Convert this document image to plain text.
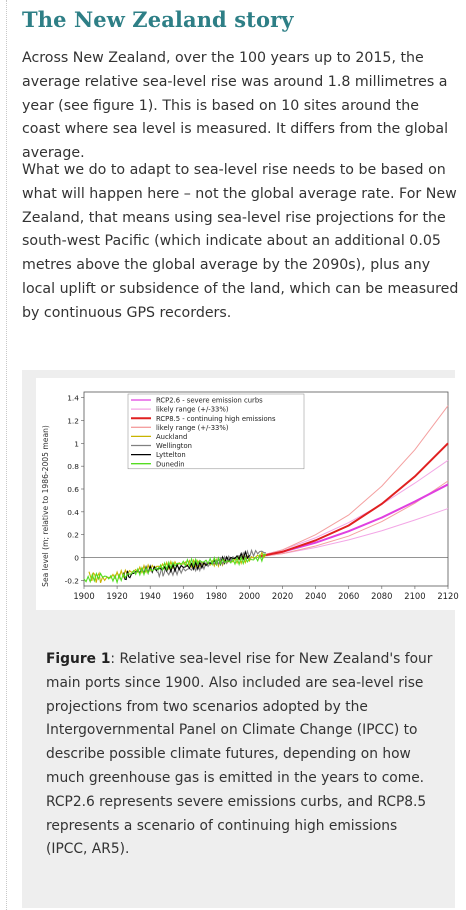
The New Zealand story

Across New Zealand, over the 100 years up to 2015, the average relative sea-level rise was around 1.8 millimetres a year (see figure 1). This is based on 10 sites around the coast where sea level is measured. It differs from the global average.

What we do to adapt to sea-level rise needs to be based on what will happen here – not the global average rate. For New Zealand, that means using sea-level rise projections for the south-west Pacific (which indicate about an additional 0.05 metres above the global average by the 2090s), plus any local uplift or subsidence of the land, which can be measured by continuous GPS recorders.

Sea level (m; relative to 1986-2005 mean)
1900 1920 1940 1960 1980 2000 2020 2040 2060 2080 2100 2120
-0.2
0
0.2
0.4
0.6
0.8
1
1.2
1.4	RCP2.6 - severe emission curbs
likely range (+/-33%)
RCP8.5 - continuing high emissions
likely range (+/-33%)
Auckland
Wellington
Lyttelton
Dunedin

Figure 1: Relative sea-level rise for New Zealand's four main ports since 1900. Also included are sea-level rise projections from two scenarios adopted by the Intergovernmental Panel on Climate Change (IPCC) to describe possible climate futures, depending on how much greenhouse gas is emitted in the years to come. RCP2.6 represents severe emissions curbs, and RCP8.5 represents a scenario of continuing high emissions (IPCC, AR5).
